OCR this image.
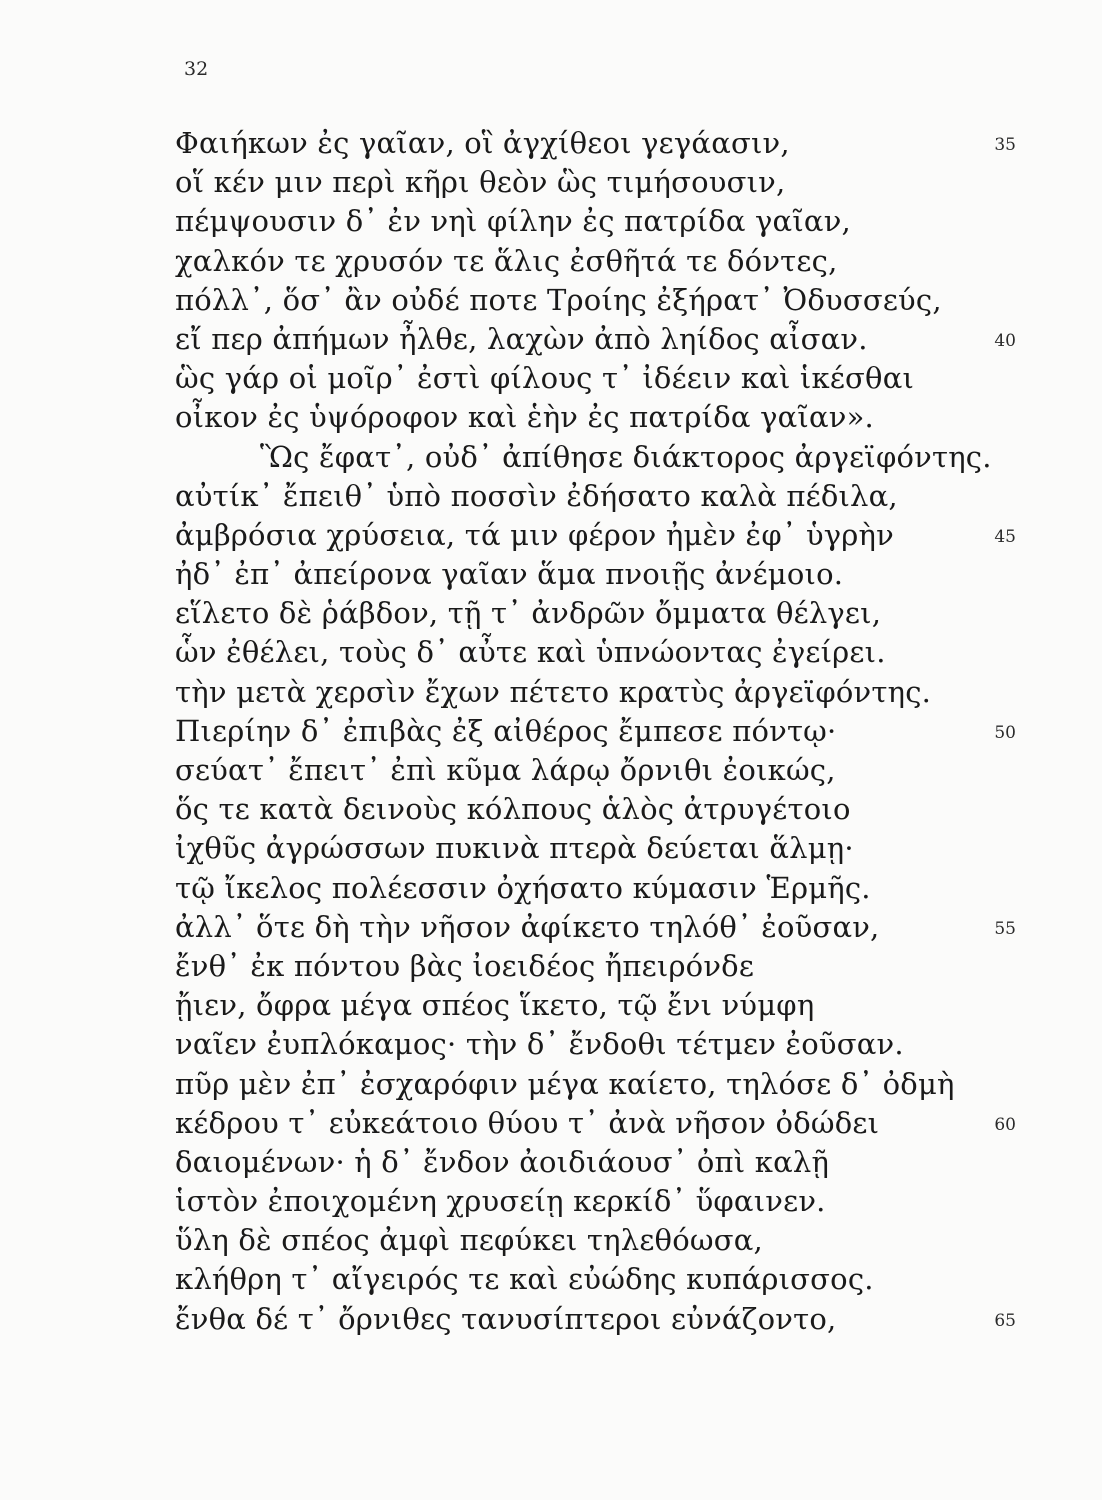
32
Φαιήκων ἐς γαῖαν, οἳ ἀγχίθεοι γεγάασιν,	35
οἵ κέν μιν περὶ κῆρι θεὸν ὣς τιμήσουσιν,
πέμψουσιν δ᾽ ἐν νηὶ φίλην ἐς πατρίδα γαῖαν,
χαλκόν τε χρυσόν τε ἅλις ἐσθῆτά τε δόντες,
πόλλ᾽, ὅσ᾽ ἂν οὐδέ ποτε Τροίης ἐξήρατ᾽ Ὀδυσσεύς,
εἴ περ ἀπήμων ἦλθε, λαχὼν ἀπὸ ληίδος αἶσαν.	40
ὣς γάρ οἱ μοῖρ᾽ ἐστὶ φίλους τ᾽ ἰδέειν καὶ ἱκέσθαι
οἶκον ἐς ὑψόροφον καὶ ἑὴν ἐς πατρίδα γαῖαν».
Ὣς ἔφατ᾽, οὐδ᾽ ἀπίθησε διάκτορος ἀργεϊφόντης.
αὐτίκ᾽ ἔπειθ᾽ ὑπὸ ποσσὶν ἐδήσατο καλὰ πέδιλα,
ἀμβρόσια χρύσεια, τά μιν φέρον ἠμὲν ἐφ᾽ ὑγρὴν	45
ἠδ᾽ ἐπ᾽ ἀπείρονα γαῖαν ἅμα πνοιῇς ἀνέμοιο.
εἵλετο δὲ ῥάβδον, τῇ τ᾽ ἀνδρῶν ὄμματα θέλγει,
ὧν ἐθέλει, τοὺς δ᾽ αὖτε καὶ ὑπνώοντας ἐγείρει.
τὴν μετὰ χερσὶν ἔχων πέτετο κρατὺς ἀργεϊφόντης.
Πιερίην δ᾽ ἐπιβὰς ἐξ αἰθέρος ἔμπεσε πόντῳ·	50
σεύατ᾽ ἔπειτ᾽ ἐπὶ κῦμα λάρῳ ὄρνιθι ἐοικώς,
ὅς τε κατὰ δεινοὺς κόλπους ἁλὸς ἀτρυγέτοιο
ἰχθῦς ἀγρώσσων πυκινὰ πτερὰ δεύεται ἅλμῃ·
τῷ ἴκελος πολέεσσιν ὀχήσατο κύμασιν Ἑρμῆς.
ἀλλ᾽ ὅτε δὴ τὴν νῆσον ἀφίκετο τηλόθ᾽ ἐοῦσαν,	55
ἔνθ᾽ ἐκ πόντου βὰς ἰοειδέος ἤπειρόνδε
ᾔιεν, ὄφρα μέγα σπέος ἵκετο, τῷ ἔνι νύμφη
ναῖεν ἐυπλόκαμος· τὴν δ᾽ ἔνδοθι τέτμεν ἐοῦσαν.
πῦρ μὲν ἐπ᾽ ἐσχαρόφιν μέγα καίετο, τηλόσε δ᾽ ὀδμὴ
κέδρου τ᾽ εὐκεάτοιο θύου τ᾽ ἀνὰ νῆσον ὀδώδει	60
δαιομένων· ἡ δ᾽ ἔνδον ἀοιδιάουσ᾽ ὀπὶ καλῇ
ἱστὸν ἐποιχομένη χρυσείῃ κερκίδ᾽ ὕφαινεν.
ὕλη δὲ σπέος ἀμφὶ πεφύκει τηλεθόωσα,
κλήθρη τ᾽ αἴγειρός τε καὶ εὐώδης κυπάρισσος.
ἔνθα δέ τ᾽ ὄρνιθες τανυσίπτεροι εὐνάζοντο,	65
